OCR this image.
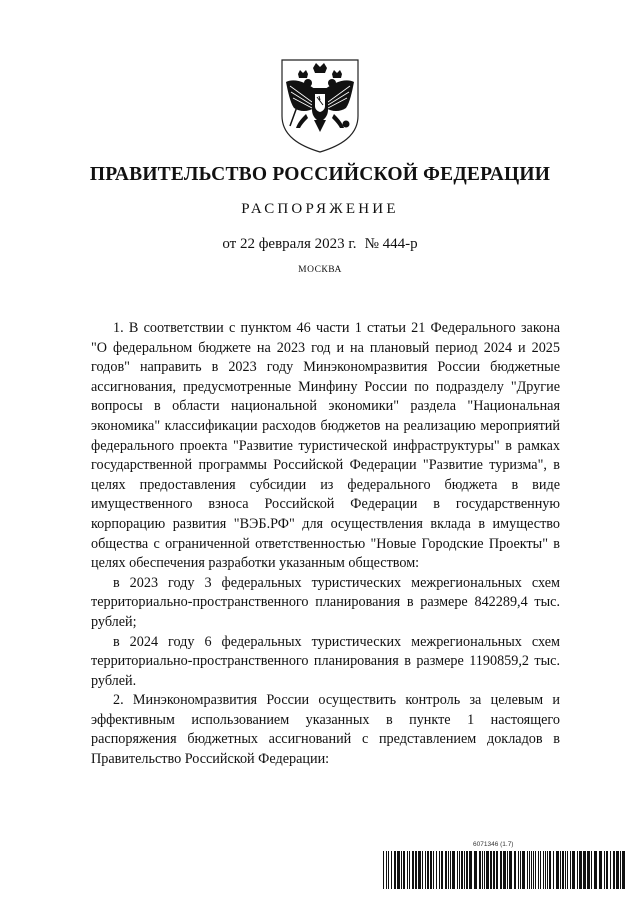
ПРАВИТЕЛЬСТВО РОССИЙСКОЙ ФЕДЕРАЦИИ
РАСПОРЯЖЕНИЕ
от 22 февраля 2023 г. № 444-р
МОСКВА

1. В соответствии с пунктом 46 части 1 статьи 21 Федерального закона "О федеральном бюджете на 2023 год и на плановый период 2024 и 2025 годов" направить в 2023 году Минэкономразвития России бюджетные ассигнования, предусмотренные Минфину России по подразделу "Другие вопросы в области национальной экономики" раздела "Национальная экономика" классификации расходов бюджетов на реализацию мероприятий федерального проекта "Развитие туристической инфраструктуры" в рамках государственной программы Российской Федерации "Развитие туризма", в целях предоставления субсидии из федерального бюджета в виде имущественного взноса Российской Федерации в государственную корпорацию развития "ВЭБ.РФ" для осуществления вклада в имущество общества с ограниченной ответственностью "Новые Городские Проекты" в целях обеспечения разработки указанным обществом:

в 2023 году 3 федеральных туристических межрегиональных схем территориально-пространственного планирования в размере 842289,4 тыс. рублей;

в 2024 году 6 федеральных туристических межрегиональных схем территориально-пространственного планирования в размере 1190859,2 тыс. рублей.

2. Минэкономразвития России осуществить контроль за целевым и эффективным использованием указанных в пункте 1 настоящего распоряжения бюджетных ассигнований с представлением докладов в Правительство Российской Федерации:

6071346 (1.7)
